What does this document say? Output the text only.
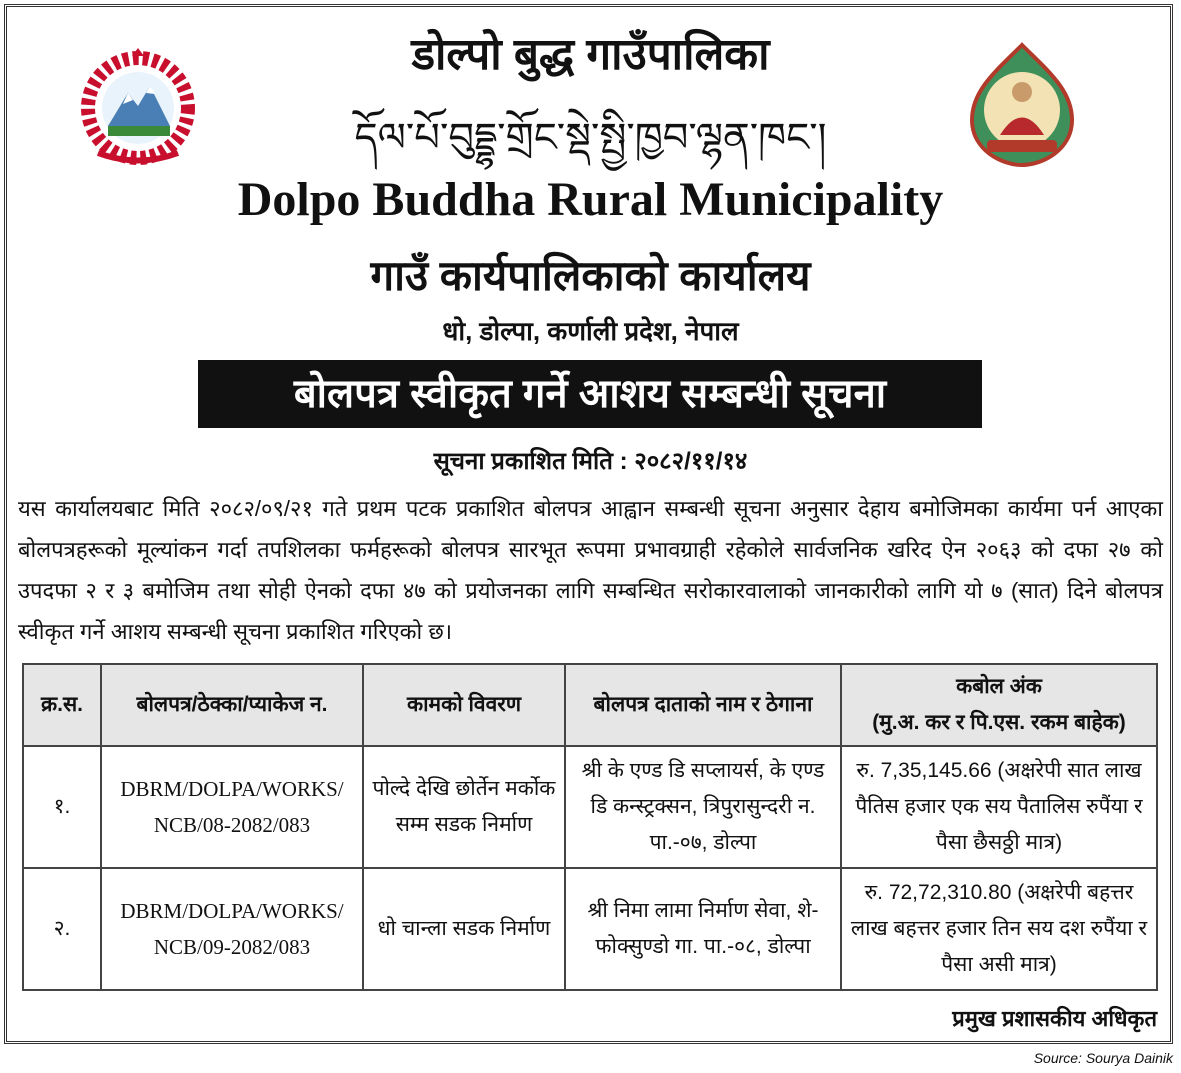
डोल्पो बुद्ध गाउँपालिका
དོལ་པོ་བུདྡྷ་གྲོང་སྡེ་སྤྱི་ཁྱབ་ལྷན་ཁང་།
Dolpo Buddha Rural Municipality
गाउँ कार्यपालिकाको कार्यालय
धो, डोल्पा, कर्णाली प्रदेश, नेपाल
बोलपत्र स्वीकृत गर्ने आशय सम्बन्धी सूचना
सूचना प्रकाशित मिति : २०८२/११/१४
यस कार्यालयबाट मिति २०८२/०९/२१ गते प्रथम पटक प्रकाशित बोलपत्र आह्वान सम्बन्धी सूचना अनुसार देहाय बमोजिमका कार्यमा पर्न आएका बोलपत्रहरूको मूल्यांकन गर्दा तपशिलका फर्महरूको बोलपत्र सारभूत रूपमा प्रभावग्राही रहेकोले सार्वजनिक खरिद ऐन २०६३ को दफा २७ को उपदफा २ र ३ बमोजिम तथा सोही ऐनको दफा ४७ को प्रयोजनका लागि सम्बन्धित सरोकारवालाको जानकारीको लागि यो ७ (सात) दिने बोलपत्र स्वीकृत गर्ने आशय सम्बन्धी सूचना प्रकाशित गरिएको छ।
क्र.स.	बोलपत्र/ठेक्का/प्याकेज न.	कामको विवरण	बोलपत्र दाताको नाम र ठेगाना	कबोल अंक
(मु.अ. कर र पि.एस. रकम बाहेक)

१.	DBRM/DOLPA/WORKS/ NCB/08-2082/083	पोल्दे देखि छोर्तेन मर्कोक सम्म सडक निर्माण	श्री के एण्ड डि सप्लायर्स, के एण्ड डि कन्स्ट्रक्सन, त्रिपुरासुन्दरी न. पा.-०७, डोल्पा	रु. 7,35,145.66 (अक्षरेपी सात लाख पैतिस हजार एक सय पैतालिस रुपैंया र पैसा छैसठ्ठी मात्र)
२.	DBRM/DOLPA/WORKS/ NCB/09-2082/083	धो चान्ला सडक निर्माण	श्री निमा लामा निर्माण सेवा, शे-फोक्सुण्डो गा. पा.-०८, डोल्पा	रु. 72,72,310.80 (अक्षरेपी बहत्तर लाख बहत्तर हजार तिन सय दश रुपैंया र पैसा असी मात्र)
प्रमुख प्रशासकीय अधिकृत
Source: Sourya Dainik
